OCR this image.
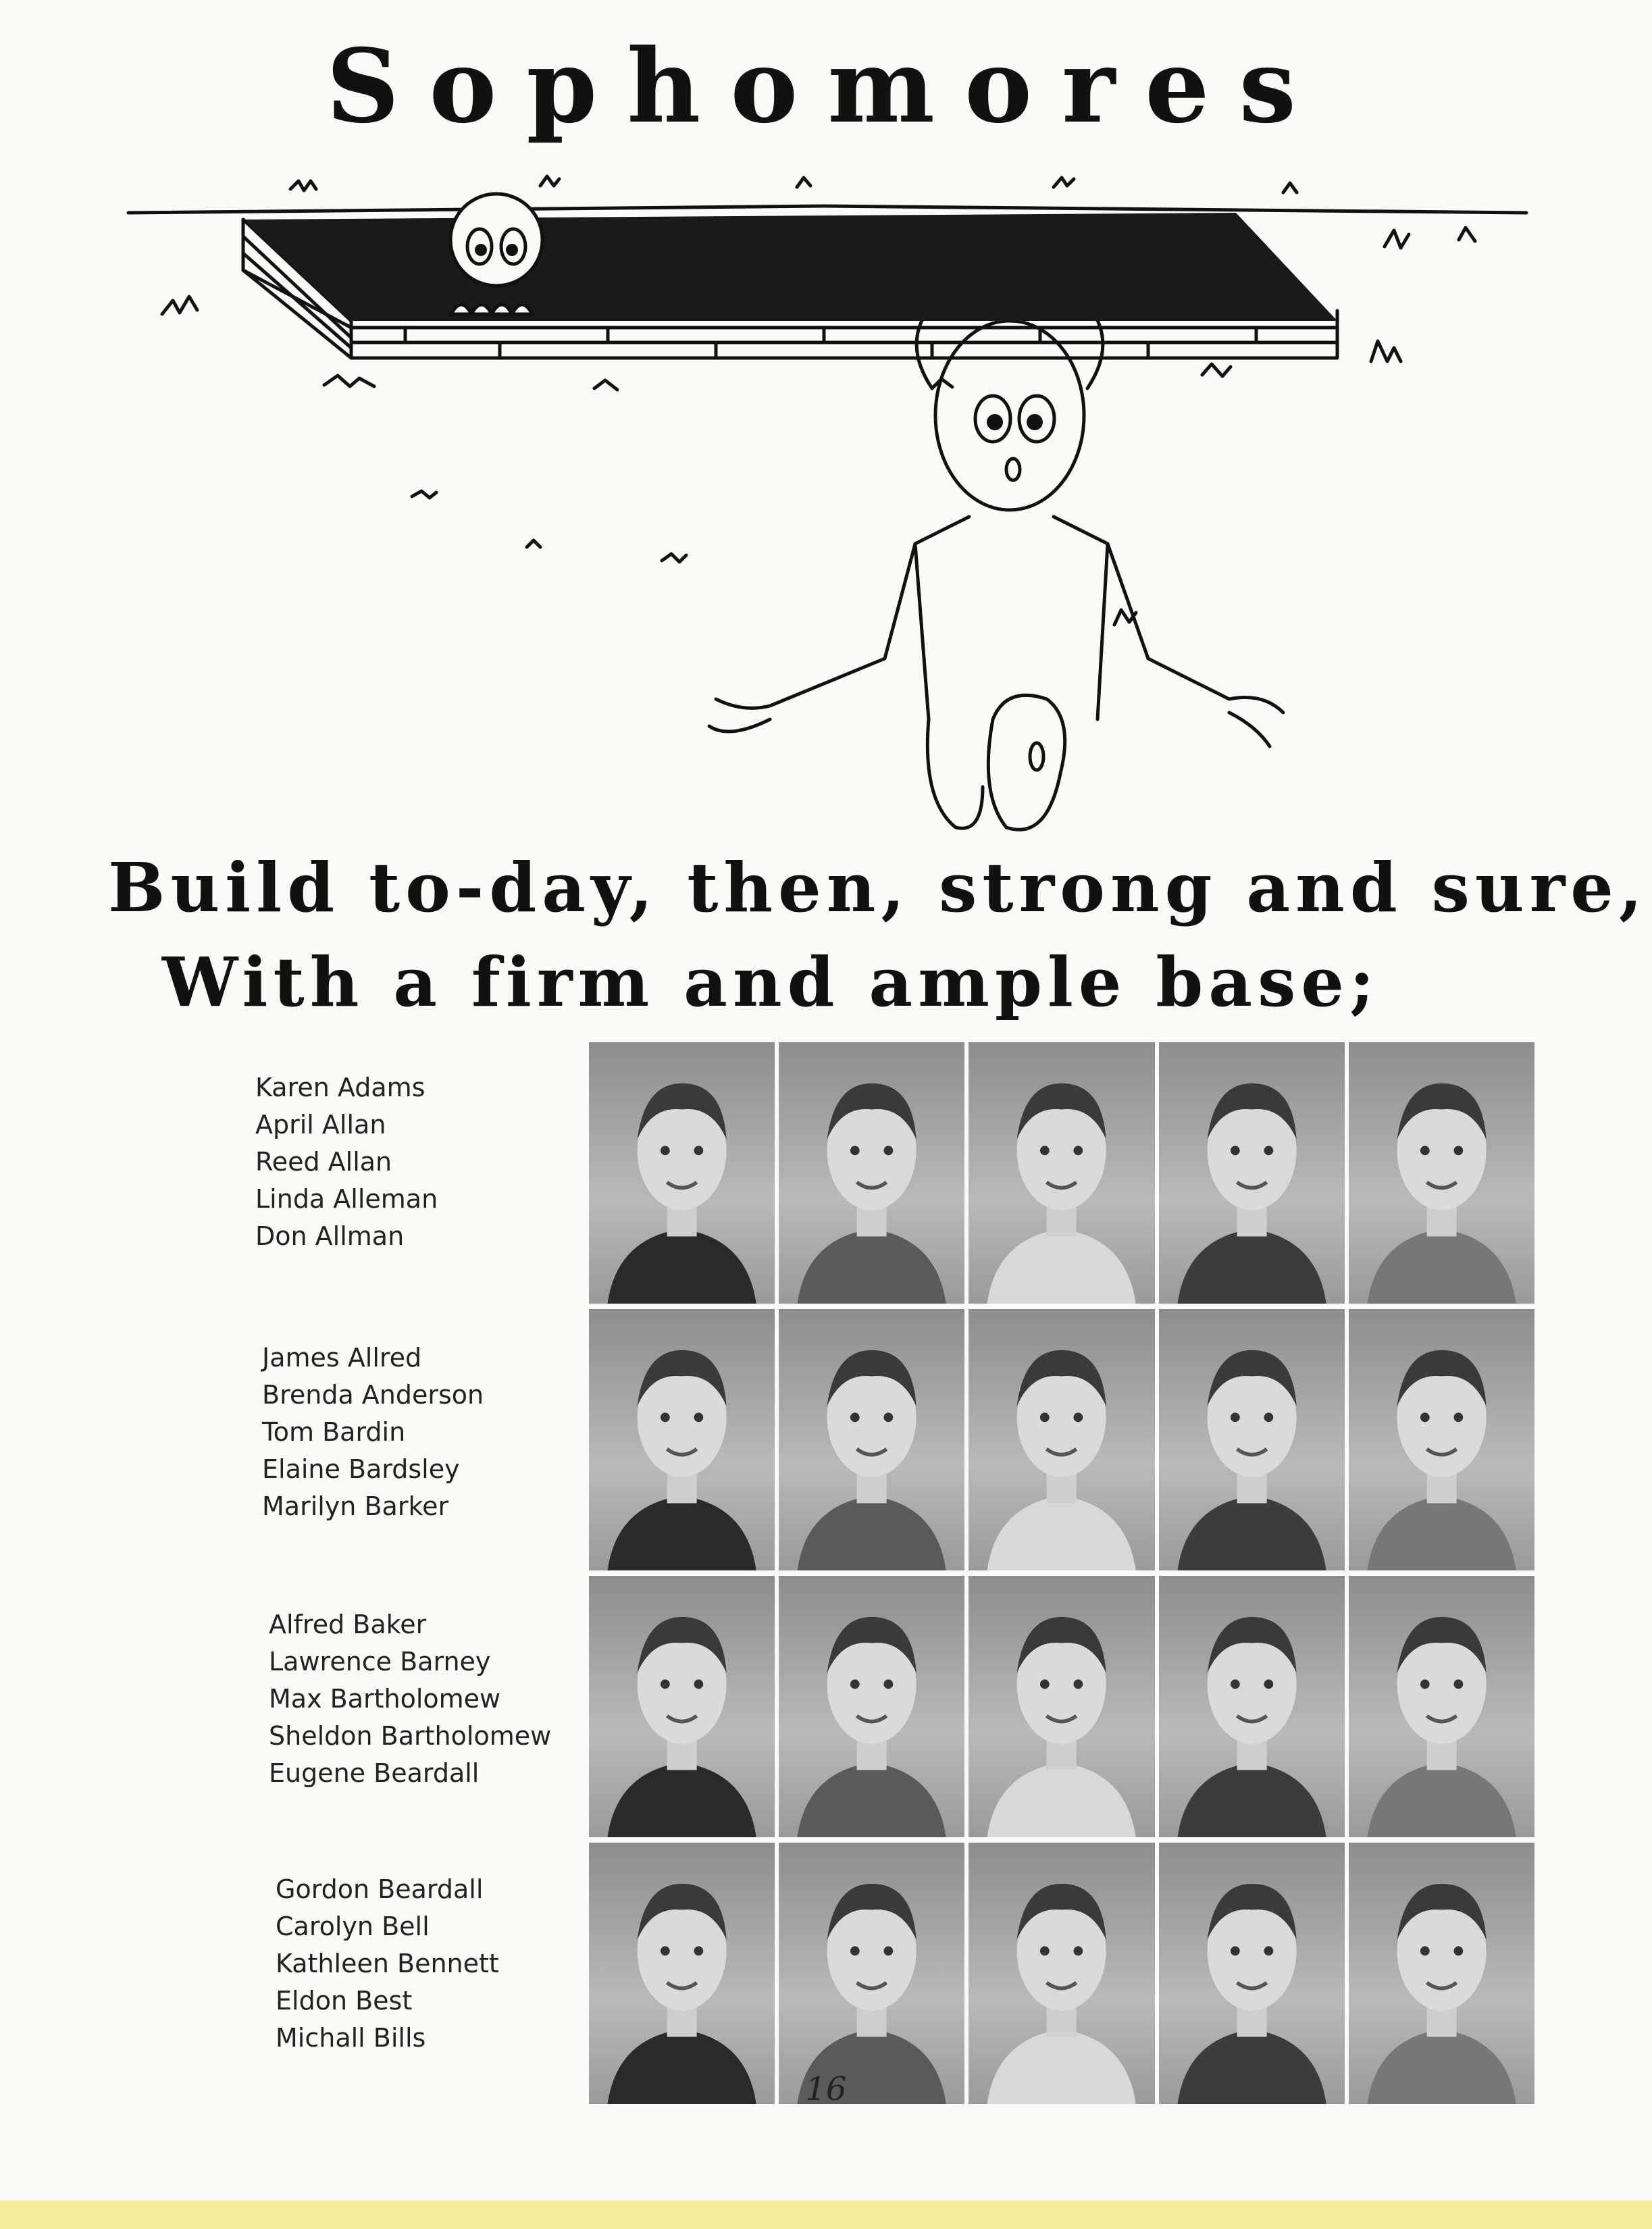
Sophomores
Build to-day, then, strong and sure,
With a firm and ample base;
Karen Adams
April Allan
Reed Allan
Linda Alleman
Don Allman
James Allred
Brenda Anderson
Tom Bardin
Elaine Bardsley
Marilyn Barker
Alfred Baker
Lawrence Barney
Max Bartholomew
Sheldon Bartholomew
Eugene Beardall
Gordon Beardall
Carolyn Bell
Kathleen Bennett
Eldon Best
Michall Bills
16
